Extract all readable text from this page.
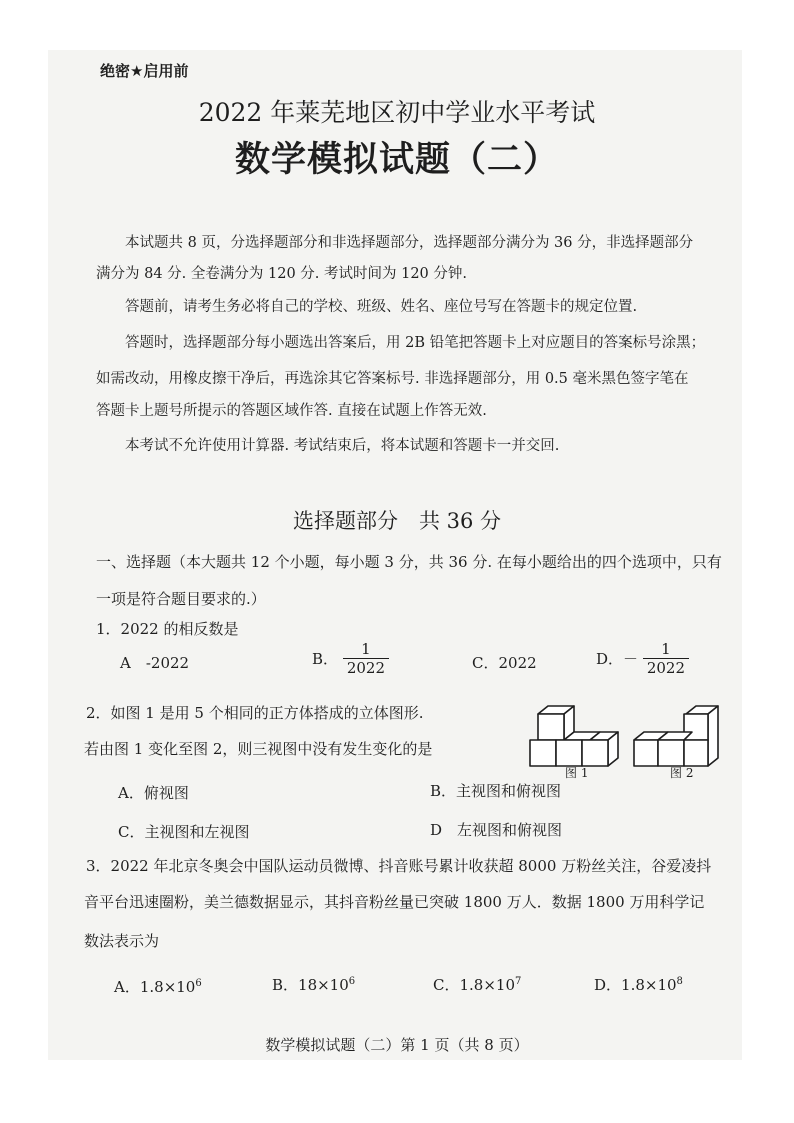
绝密★启用前
2022 年莱芜地区初中学业水平考试
数学模拟试题（二）
本试题共 8 页，分选择题部分和非选择题部分，选择题部分满分为 36 分，非选择题部分
满分为 84 分. 全卷满分为 120 分. 考试时间为 120 分钟.
答题前，请考生务必将自己的学校、班级、姓名、座位号写在答题卡的规定位置.
答题时，选择题部分每小题选出答案后，用 2B 铅笔把答题卡上对应题目的答案标号涂黑；
如需改动，用橡皮擦干净后，再选涂其它答案标号. 非选择题部分，用 0.5 毫米黑色签字笔在
答题卡上题号所提示的答题区域作答. 直接在试题上作答无效.
本考试不允许使用计算器. 考试结束后，将本试题和答题卡一并交回.
选择题部分　共 36 分
一、选择题（本大题共 12 个小题，每小题 3 分，共 36 分. 在每小题给出的四个选项中，只有
一项是符合题目要求的.）
1．2022 的相反数是
A　-2022	B． $\frac{1}{2022}$	C．2022	D．－ $\frac{1}{2022}$
2．如图 1 是用 5 个相同的正方体搭成的立体图形.
若由图 1 变化至图 2，则三视图中没有发生变化的是
图 1	图 2
A．俯视图	B．主视图和俯视图
C．主视图和左视图	D　左视图和俯视图
3．2022 年北京冬奥会中国队运动员微博、抖音账号累计收获超 8000 万粉丝关注，谷爱凌抖
音平台迅速圈粉，美兰德数据显示，其抖音粉丝量已突破 1800 万人．数据 1800 万用科学记
数法表示为
A．$1.8\times 10^6$	B．$18\times 10^6$	C．$1.8\times 10^7$	D．$1.8\times 10^8$
数学模拟试题（二）第 1 页（共 8 页）
